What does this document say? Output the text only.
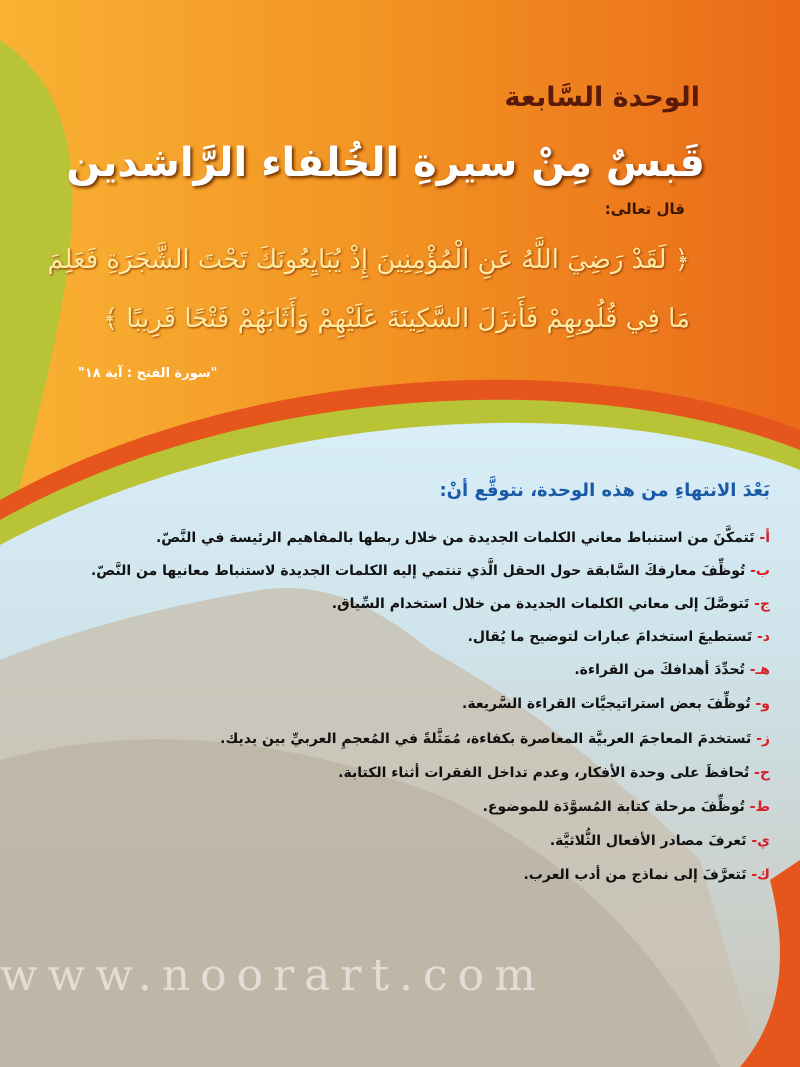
الوحدة السَّابعة
قَبسٌ مِنْ سيرةِ الخُلفاء الرَّاشدين
قال تعالى:
﴿ لَقَدْ رَضِيَ اللَّهُ عَنِ الْمُؤْمِنِينَ إِذْ يُبَايِعُونَكَ تَحْتَ الشَّجَرَةِ فَعَلِمَ
مَا فِي قُلُوبِهِمْ فَأَنزَلَ السَّكِينَةَ عَلَيْهِمْ وَأَثَابَهُمْ فَتْحًا قَرِيبًا ﴾
"سورة الفتح : آية ١٨"
www.noorart.com
بَعْدَ الانتهاءِ من هذه الوحدة، نتوقَّع أنْ:
أ- تَتمكَّنَ من استنباط معاني الكلمات الجديدة من خلال ربطها بالمفاهيم الرئيسة في النَّصّ.
ب- تُوظِّفَ معارفكَ السَّابقة حول الحقل الَّذي تنتمي إليه الكلمات الجديدة لاستنباط معانيها من النَّصّ.
ج- تَتوصَّلَ إلى معاني الكلمات الجديدة من خلال استخدام السِّياق.
د- تَستطيعَ استخدامَ عبارات لتوضيح ما يُقال.
هـ- تُحدِّدَ أهدافكَ من القراءة.
و- تُوظِّفَ بعض استراتيجيَّات القراءة السَّريعة.
ز- تَستخدمَ المعاجمَ العربيَّة المعاصرة بكفاءة، مُمَثَّلةً في المُعجمِ العربيِّ بين يديك.
ح- تُحافظَ على وحدة الأفكار، وعدم تداخل الفقرات أثناء الكتابة.
ط- تُوظِّفَ مرحلة كتابة المُسوَّدَة للموضوع.
ي- تَعرفَ مصادر الأفعال الثُّلاثيَّة.
ك- تَتعرَّفَ إلى نماذج من أدب العرب.
